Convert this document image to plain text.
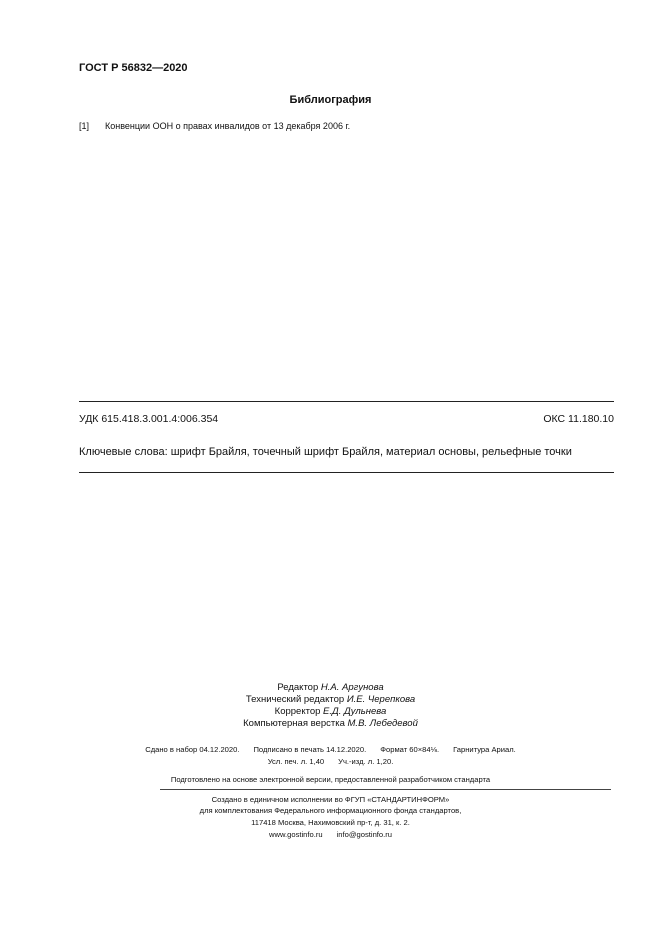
ГОСТ Р 56832—2020
Библиография
[1] Конвенции ООН о правах инвалидов от 13 декабря 2006 г.
УДК 615.418.3.001.4:006.354	ОКС 11.180.10
Ключевые слова: шрифт Брайля, точечный шрифт Брайля, материал основы, рельефные точки
Редактор Н.А. Аргунова
Технический редактор И.Е. Черепкова
Корректор Е.Д. Дульнева
Компьютерная верстка М.В. Лебедевой
Сдано в набор 04.12.2020. Подписано в печать 14.12.2020. Формат 60×84⅛. Гарнитура Ариал.
Усл. печ. л. 1,40 Уч.-изд. л. 1,20.
Подготовлено на основе электронной версии, предоставленной разработчиком стандарта
Создано в единичном исполнении во ФГУП «СТАНДАРТИНФОРМ»
для комплектования Федерального информационного фонда стандартов,
117418 Москва, Нахимовский пр-т, д. 31, к. 2.
www.gostinfo.ru info@gostinfo.ru
